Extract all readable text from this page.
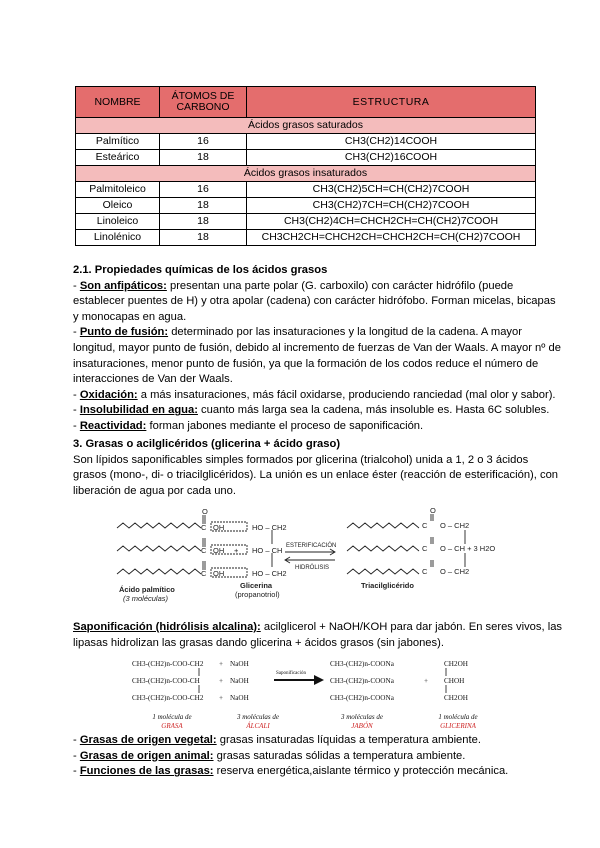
NOMBRE	ÁTOMOS DE CARBONO	ESTRUCTURA
Ácidos grasos saturados		
Palmítico	16	CH3(CH2)14COOH
Esteárico	18	CH3(CH2)16COOH
Ácidos grasos insaturados		
Palmitoleico	16	CH3(CH2)5CH=CH(CH2)7COOH
Oleico	18	CH3(CH2)7CH=CH(CH2)7COOH
Linoleico	18	CH3(CH2)4CH=CHCH2CH=CH(CH2)7COOH
Linolénico	18	CH3CH2CH=CHCH2CH=CHCH2CH=CH(CH2)7COOH

2.1. Propiedades químicas de los ácidos grasos

- Son anfipáticos: presentan una parte polar (G. carboxilo) con carácter hidrófilo (puede establecer puentes de H) y otra apolar (cadena) con carácter hidrófobo. Forman micelas, bicapas y monocapas en agua.

- Punto de fusión: determinado por las insaturaciones y la longitud de la cadena. A mayor longitud, mayor punto de fusión, debido al incremento de fuerzas de Van der Waals. A mayor nº de insaturaciones, menor punto de fusión, ya que la formación de los codos reduce el número de interacciones de Van der Waals.

- Oxidación: a más insaturaciones, más fácil oxidarse, produciendo ranciedad (mal olor y sabor).

- Insolubilidad en agua: cuanto más larga sea la cadena, más insoluble es. Hasta 6C solubles.

- Reactividad: forman jabones mediante el proceso de saponificación.

3. Grasas o acilglicéridos (glicerina + ácido graso)

Son lípidos saponificables simples formados por glicerina (trialcohol) unida a 1, 2 o 3 ácidos grasos (mono-, di- o triacilglicéridos). La unión es un enlace éster (reacción de esterificación), con liberación de agua por cada uno.

O
C
C
C
OH
OH
OH
+
HO – CH2
HO – CH
HO – CH2
ESTERIFICACIÓN
HIDRÓLISIS
C
C
C
O
O – CH2
O – CH + 3 H2O
O – CH2
Ácido palmítico
(3 moléculas)
Glicerina
(propanotriol)
Triacilglicérido

Saponificación (hidrólisis alcalina): acilglicerol + NaOH/KOH para dar jabón. En seres vivos, las lipasas hidrolizan las grasas dando glicerina + ácidos grasos (sin jabones).

CH3-(CH2)n-COO-CH2
CH3-(CH2)n-COO-CH
CH3-(CH2)n-COO-CH2
+
+
+
NaOH
NaOH
NaOH
Saponificación
CH3-(CH2)n-COONa
CH3-(CH2)n-COONa
CH3-(CH2)n-COONa
+
CH2OH
CHOH
CH2OH
1 molécula de
GRASA
3 moléculas de
ÁLCALI
3 moléculas de
JABÓN
1 molécula de
GLICERINA

- Grasas de origen vegetal: grasas insaturadas líquidas a temperatura ambiente.

- Grasas de origen animal: grasas saturadas sólidas a temperatura ambiente.

- Funciones de las grasas: reserva energética,aislante térmico y protección mecánica.
